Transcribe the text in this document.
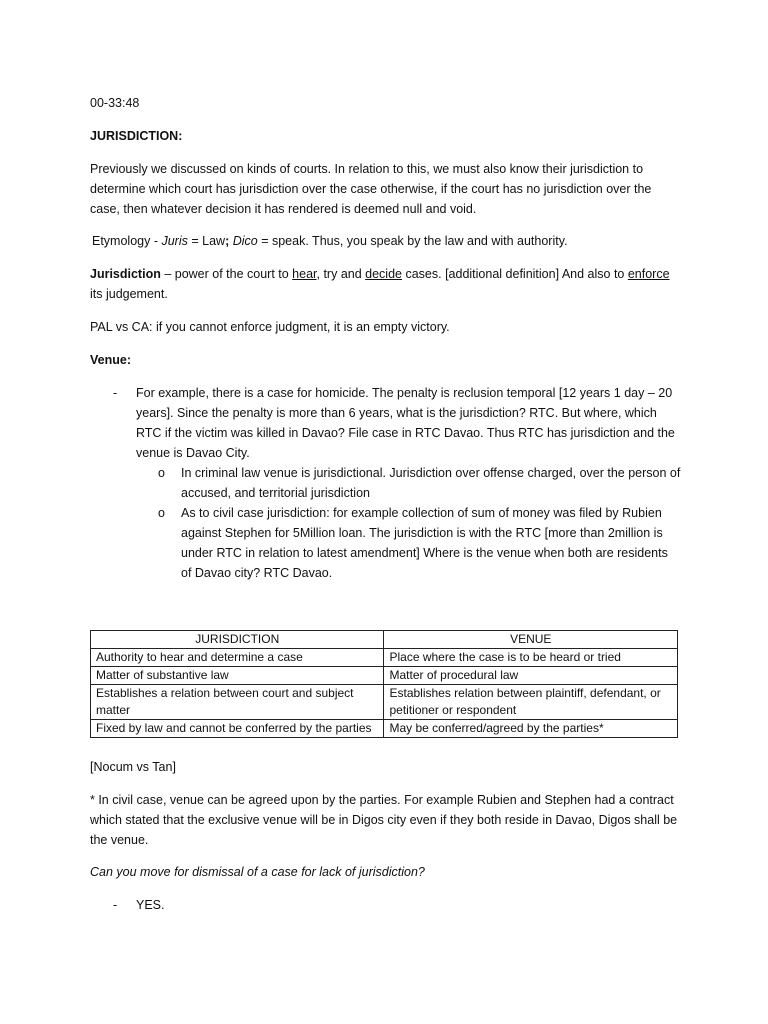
00-33:48

JURISDICTION:

Previously we discussed on kinds of courts. In relation to this, we must also know their jurisdiction to determine which court has jurisdiction over the case otherwise, if the court has no jurisdiction over the case, then whatever decision it has rendered is deemed null and void.

Etymology - Juris = Law; Dico = speak. Thus, you speak by the law and with authority.

Jurisdiction – power of the court to hear, try and decide cases. [additional definition] And also to enforce its judgement.

PAL vs CA: if you cannot enforce judgment, it is an empty victory.

Venue:

- For example, there is a case for homicide. The penalty is reclusion temporal [12 years 1 day – 20 years]. Since the penalty is more than 6 years, what is the jurisdiction? RTC. But where, which RTC if the victim was killed in Davao? File case in RTC Davao. Thus RTC has jurisdiction and the venue is Davao City.
o In criminal law venue is jurisdictional. Jurisdiction over offense charged, over the person of accused, and territorial jurisdiction
o As to civil case jurisdiction: for example collection of sum of money was filed by Rubien against Stephen for 5Million loan. The jurisdiction is with the RTC [more than 2million is under RTC in relation to latest amendment] Where is the venue when both are residents of Davao city? RTC Davao.
JURISDICTION	VENUE
Authority to hear and determine a case	Place where the case is to be heard or tried
Matter of substantive law	Matter of procedural law
Establishes a relation between court and subject matter	Establishes relation between plaintiff, defendant, or petitioner or respondent
Fixed by law and cannot be conferred by the parties	May be conferred/agreed by the parties*

[Nocum vs Tan]

* In civil case, venue can be agreed upon by the parties. For example Rubien and Stephen had a contract which stated that the exclusive venue will be in Digos city even if they both reside in Davao, Digos shall be the venue.

Can you move for dismissal of a case for lack of jurisdiction?

- YES.
